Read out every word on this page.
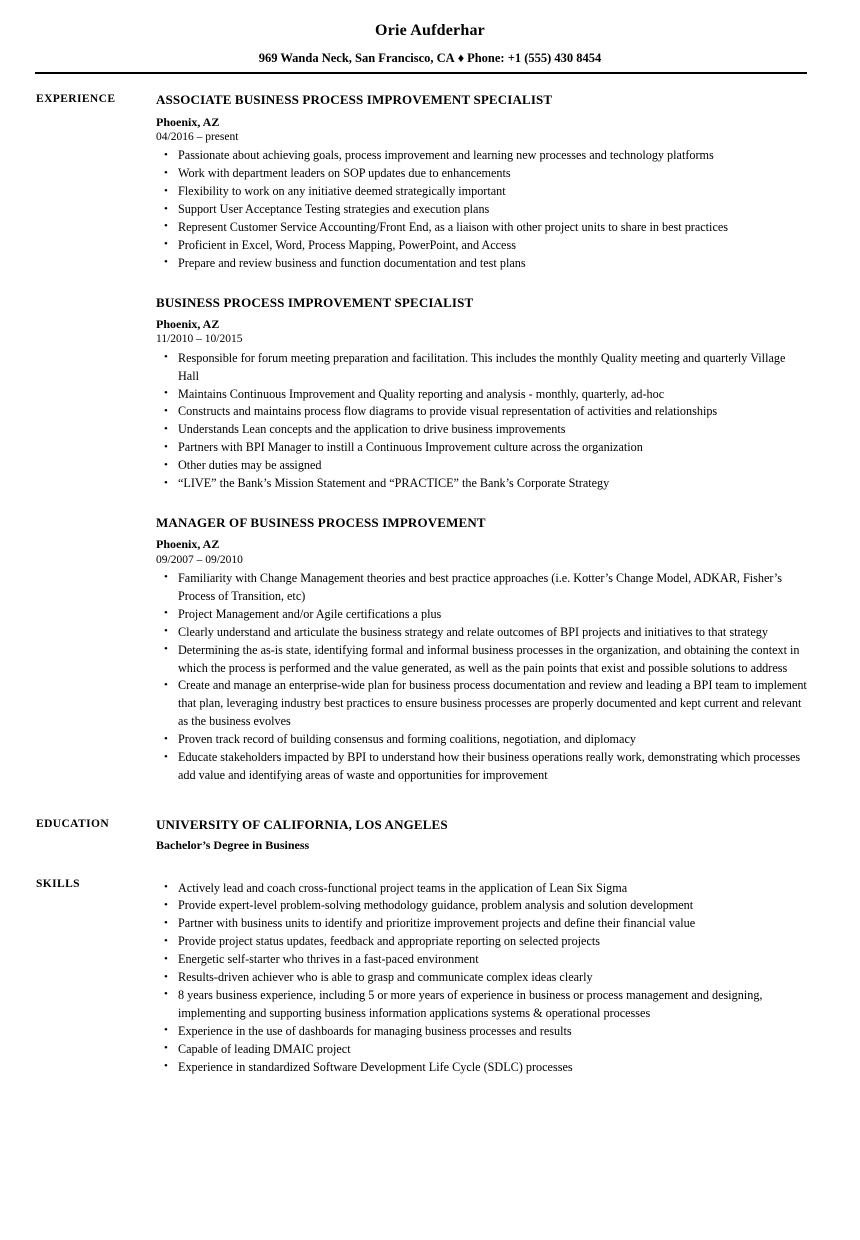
Orie Aufderhar
969 Wanda Neck, San Francisco, CA ♦ Phone: +1 (555) 430 8454
EXPERIENCE	ASSOCIATE BUSINESS PROCESS IMPROVEMENT SPECIALIST
Phoenix, AZ
04/2016 – present
• Passionate about achieving goals, process improvement and learning new processes and technology platforms
• Work with department leaders on SOP updates due to enhancements
• Flexibility to work on any initiative deemed strategically important
• Support User Acceptance Testing strategies and execution plans
• Represent Customer Service Accounting/Front End, as a liaison with other project units to share in best practices
• Proficient in Excel, Word, Process Mapping, PowerPoint, and Access
• Prepare and review business and function documentation and test plans
BUSINESS PROCESS IMPROVEMENT SPECIALIST
Phoenix, AZ
11/2010 – 10/2015
• Responsible for forum meeting preparation and facilitation. This includes the monthly Quality meeting and quarterly Village Hall
• Maintains Continuous Improvement and Quality reporting and analysis - monthly, quarterly, ad-hoc
• Constructs and maintains process flow diagrams to provide visual representation of activities and relationships
• Understands Lean concepts and the application to drive business improvements
• Partners with BPI Manager to instill a Continuous Improvement culture across the organization
• Other duties may be assigned
• “LIVE” the Bank’s Mission Statement and “PRACTICE” the Bank’s Corporate Strategy
MANAGER OF BUSINESS PROCESS IMPROVEMENT
Phoenix, AZ
09/2007 – 09/2010
• Familiarity with Change Management theories and best practice approaches (i.e. Kotter’s Change Model, ADKAR, Fisher’s Process of Transition, etc)
• Project Management and/or Agile certifications a plus
• Clearly understand and articulate the business strategy and relate outcomes of BPI projects and initiatives to that strategy
• Determining the as-is state, identifying formal and informal business processes in the organization, and obtaining the context in which the process is performed and the value generated, as well as the pain points that exist and possible solutions to address
• Create and manage an enterprise-wide plan for business process documentation and review and leading a BPI team to implement that plan, leveraging industry best practices to ensure business processes are properly documented and kept current and relevant as the business evolves
• Proven track record of building consensus and forming coalitions, negotiation, and diplomacy
• Educate stakeholders impacted by BPI to understand how their business operations really work, demonstrating which processes add value and identifying areas of waste and opportunities for improvement
EDUCATION	UNIVERSITY OF CALIFORNIA, LOS ANGELES
Bachelor’s Degree in Business
SKILLS	• Actively lead and coach cross-functional project teams in the application of Lean Six Sigma
• Provide expert-level problem-solving methodology guidance, problem analysis and solution development
• Partner with business units to identify and prioritize improvement projects and define their financial value
• Provide project status updates, feedback and appropriate reporting on selected projects
• Energetic self-starter who thrives in a fast-paced environment
• Results-driven achiever who is able to grasp and communicate complex ideas clearly
• 8 years business experience, including 5 or more years of experience in business or process management and designing, implementing and supporting business information applications systems & operational processes
• Experience in the use of dashboards for managing business processes and results
• Capable of leading DMAIC project
• Experience in standardized Software Development Life Cycle (SDLC) processes
